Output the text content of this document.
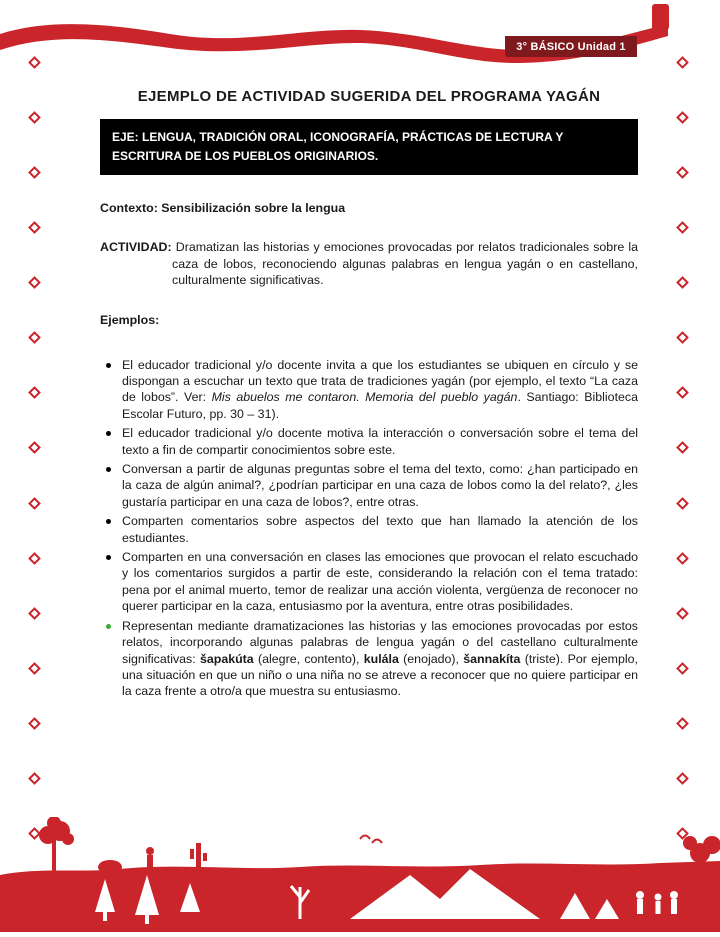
3° BÁSICO Unidad 1
EJEMPLO DE ACTIVIDAD SUGERIDA DEL PROGRAMA YAGÁN
EJE: LENGUA, TRADICIÓN ORAL, ICONOGRAFÍA, PRÁCTICAS DE LECTURA Y ESCRITURA DE LOS PUEBLOS ORIGINARIOS.

Contexto: Sensibilización sobre la lengua

ACTIVIDAD: Dramatizan las historias y emociones provocadas por relatos tradicionales sobre la caza de lobos, reconociendo algunas palabras en lengua yagán o en castellano, culturalmente significativas.

Ejemplos:

El educador tradicional y/o docente invita a que los estudiantes se ubiquen en círculo y se dispongan a escuchar un texto que trata de tradiciones yagán (por ejemplo, el texto “La caza de lobos”. Ver: Mis abuelos me contaron. Memoria del pueblo yagán. Santiago: Biblioteca Escolar Futuro, pp. 30 – 31).
El educador tradicional y/o docente motiva la interacción o conversación sobre el tema del texto a fin de compartir conocimientos sobre este.
Conversan a partir de algunas preguntas sobre el tema del texto, como: ¿han participado en la caza de algún animal?, ¿podrían participar en una caza de lobos como la del relato?, ¿les gustaría participar en una caza de lobos?, entre otras.
Comparten comentarios sobre aspectos del texto que han llamado la atención de los estudiantes.
Comparten en una conversación en clases las emociones que provocan el relato escuchado y los comentarios surgidos a partir de este, considerando la relación con el tema tratado: pena por el animal muerto, temor de realizar una acción violenta, vergüenza de reconocer no querer participar en la caza, entusiasmo por la aventura, entre otras posibilidades.
Representan mediante dramatizaciones las historias y las emociones provocadas por estos relatos, incorporando algunas palabras de lengua yagán o del castellano culturalmente significativas: šapakúta (alegre, contento), kulála (enojado), šannakíta (triste). Por ejemplo, una situación en que un niño o una niña no se atreve a reconocer que no quiere participar en la caza frente a otro/a que muestra su entusiasmo.
